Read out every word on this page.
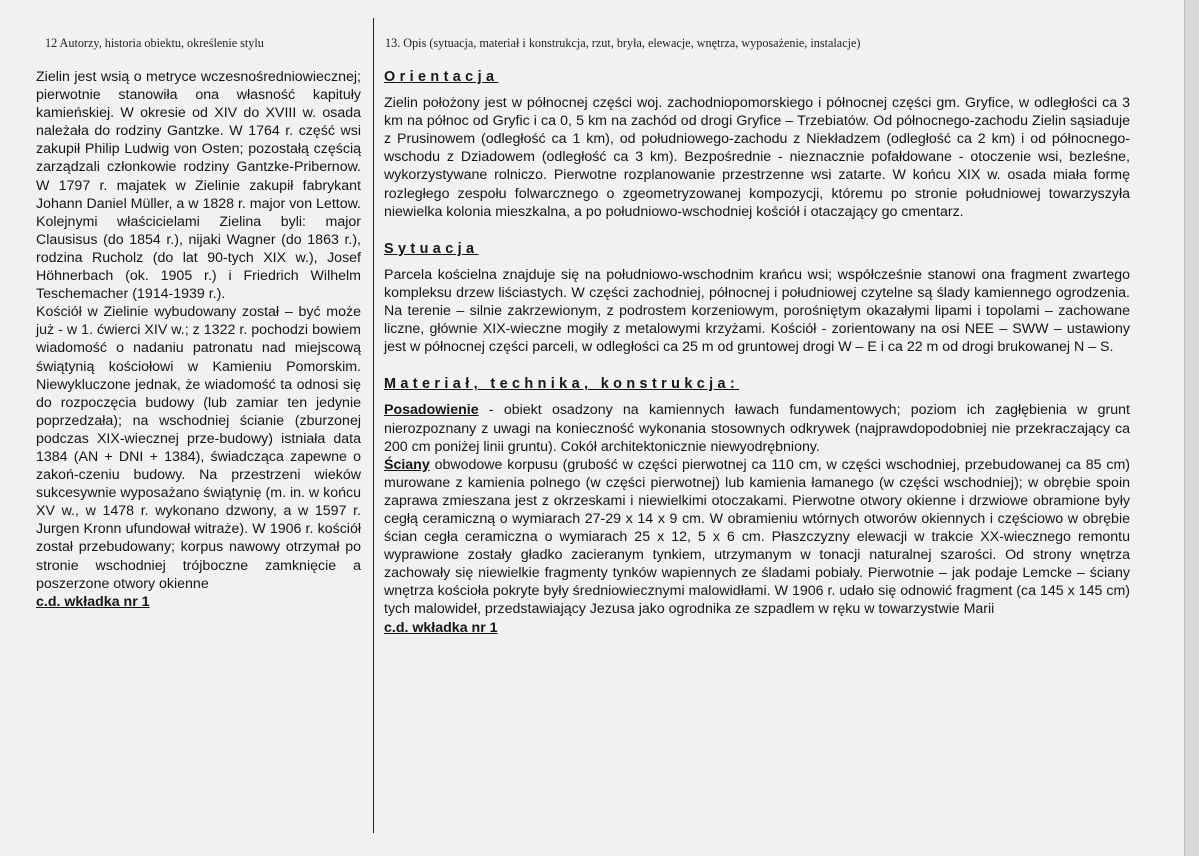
12 Autorzy, historia obiektu, określenie stylu	13. Opis (sytuacja, materiał i konstrukcja, rzut, bryła, elewacje, wnętrza, wyposażenie, instalacje)

Zielin jest wsią o metryce wczesnośredniowiecznej; pierwotnie stanowiła ona własność kapituły kamieńskiej. W okresie od XIV do XVIII w. osada należała do rodziny Gantzke. W 1764 r. część wsi zakupił Philip Ludwig von Osten; pozostałą częścią zarządzali członkowie rodziny Gantzke-Pribernow. W 1797 r. majatek w Zielinie zakupił fabrykant Johann Daniel Müller, a w 1828 r. major von Lettow. Kolejnymi właścicielami Zielina byli: major Clausisus (do 1854 r.), nijaki Wagner (do 1863 r.), rodzina Rucholz (do lat 90-tych XIX w.), Josef Höhnerbach (ok. 1905 r.) i Friedrich Wilhelm Teschemacher (1914-1939 r.).

Kościół w Zielinie wybudowany został – być może już - w 1. ćwierci XIV w.; z 1322 r. pochodzi bowiem wiadomość o nadaniu patronatu nad miejscową świątynią kościołowi w Kamieniu Pomorskim. Niewykluczone jednak, że wiadomość ta odnosi się do rozpoczęcia budowy (lub zamiar ten jedynie poprzedzała); na wschodniej ścianie (zburzonej podczas XIX-wiecznej prze-budowy) istniała data 1384 (AN + DNI + 1384), świadcząca zapewne o zakoń-czeniu budowy. Na przestrzeni wieków sukcesywnie wyposażano świątynię (m. in. w końcu XV w., w 1478 r. wykonano dzwony, a w 1597 r. Jurgen Kronn ufundował witraże). W 1906 r. kościół został przebudowany; korpus nawowy otrzymał po stronie wschodniej trójboczne zamknięcie a poszerzone otwory okienne

c.d. wkładka nr 1

Orientacja

Zielin położony jest w północnej części woj. zachodniopomorskiego i północnej części gm. Gryfice, w odległości ca 3 km na północ od Gryfic i ca 0, 5 km na zachód od drogi Gryfice – Trzebiatów. Od północnego-zachodu Zielin sąsiaduje z Prusinowem (odległość ca 1 km), od południowego-zachodu z Niekładzem (odległość ca 2 km) i od północnego-wschodu z Dziadowem (odległość ca 3 km). Bezpośrednie - nieznacznie pofałdowane - otoczenie wsi, bezleśne, wykorzystywane rolniczo. Pierwotne rozplanowanie przestrzenne wsi zatarte. W końcu XIX w. osada miała formę rozległego zespołu folwarcznego o zgeometryzowanej kompozycji, któremu po stronie południowej towarzyszyła niewielka kolonia mieszkalna, a po południowo-wschodniej kościół i otaczający go cmentarz.

Sytuacja

Parcela kościelna znajduje się na południowo-wschodnim krańcu wsi; współcześnie stanowi ona fragment zwartego kompleksu drzew liściastych. W części zachodniej, północnej i południowej czytelne są ślady kamiennego ogrodzenia. Na terenie – silnie zakrzewionym, z podrostem korzeniowym, porośniętym okazałymi lipami i topolami – zachowane liczne, głównie XIX-wieczne mogiły z metalowymi krzyżami. Kościół - zorientowany na osi NEE – SWW – ustawiony jest w północnej części parceli, w odległości ca 25 m od gruntowej drogi W – E i ca 22 m od drogi brukowanej N – S.

Materiał, technika, konstrukcja:

Posadowienie - obiekt osadzony na kamiennych ławach fundamentowych; poziom ich zagłębienia w grunt nierozpoznany z uwagi na konieczność wykonania stosownych odkrywek (najprawdopodobniej nie przekraczający ca 200 cm poniżej linii gruntu). Cokół architektonicznie niewyodrębniony.

Ściany obwodowe korpusu (grubość w części pierwotnej ca 110 cm, w części wschodniej, przebudowanej ca 85 cm) murowane z kamienia polnego (w części pierwotnej) lub kamienia łamanego (w części wschodniej); w obrębie spoin zaprawa zmieszana jest z okrzeskami i niewielkimi otoczakami. Pierwotne otwory okienne i drzwiowe obramione były cegłą ceramiczną o wymiarach 27-29 x 14 x 9 cm. W obramieniu wtórnych otworów okiennych i częściowo w obrębie ścian cegła ceramiczna o wymiarach 25 x 12, 5 x 6 cm. Płaszczyzny elewacji w trakcie XX-wiecznego remontu wyprawione zostały gładko zacieranym tynkiem, utrzymanym w tonacji naturalnej szarości. Od strony wnętrza zachowały się niewielkie fragmenty tynków wapiennych ze śladami pobiały. Pierwotnie – jak podaje Lemcke – ściany wnętrza kościoła pokryte były średniowiecznymi malowidłami. W 1906 r. udało się odnowić fragment (ca 145 x 145 cm) tych malowideł, przedstawiający Jezusa jako ogrodnika ze szpadlem w ręku w towarzystwie Marii

c.d. wkładka nr 1
